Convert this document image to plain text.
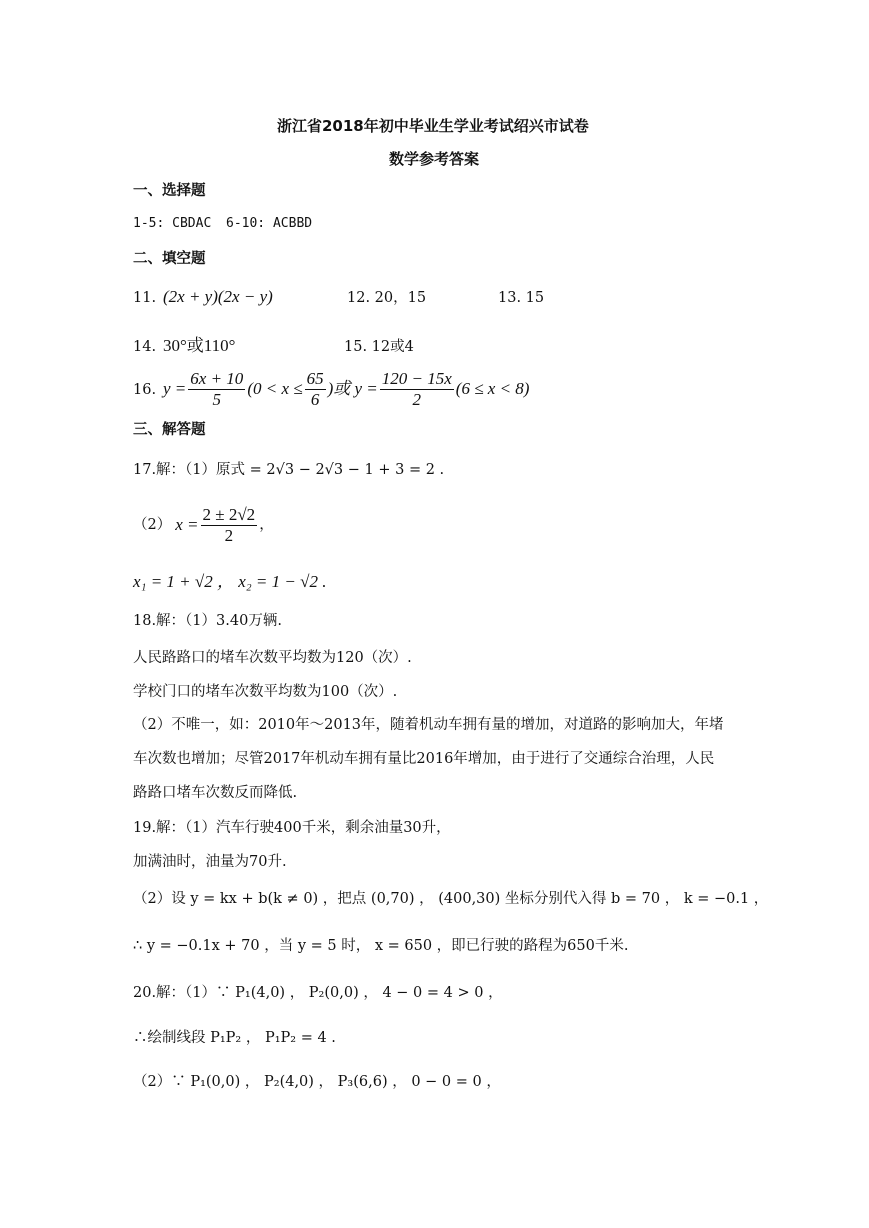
浙江省2018年初中毕业生学业考试绍兴市试卷
数学参考答案
一、选择题
1-5: CBDAC 6-10: ACBBD
二、填空题
11. (2x + y)(2x − y)	12. 20，15	13. 15
14. 30°或110°	15. 12或4
16. $y = \frac{6x + 10}{5} (0 < x \le \frac{65}{6}$ )或 $y = \frac{120 - 15x}{2} (6 \le x < 8)$
三、解答题
17.解：（1）原式 = 2√3 − 2√3 − 1 + 3 = 2 .
（2） $x = \frac{2 \pm 2√2}{2}$ ，
x₁ = 1 + √2 ， x₂ = 1 − √2 .
18.解：（1）3.40万辆.
人民路路口的堵车次数平均数为120（次）.
学校门口的堵车次数平均数为100（次）.
（2）不唯一，如：2010年～2013年，随着机动车拥有量的增加，对道路的影响加大，年堵
车次数也增加；尽管2017年机动车拥有量比2016年增加，由于进行了交通综合治理，人民
路路口堵车次数反而降低.
19.解：（1）汽车行驶400千米，剩余油量30升，
加满油时，油量为70升.
（2）设 y = kx + b(k ≠ 0) ，把点 (0,70) ， (400,30) 坐标分别代入得 b = 70 ， k = −0.1 ，
∴ y = −0.1x + 70 ，当 y = 5 时， x = 650 ，即已行驶的路程为650千米.
20.解：（1）∵ P₁(4,0) ， P₂(0,0) ， 4 − 0 = 4 > 0 ，
∴绘制线段 P₁P₂ ， P₁P₂ = 4 .
（2）∵ P₁(0,0) ， P₂(4,0) ， P₃(6,6) ， 0 − 0 = 0 ，
